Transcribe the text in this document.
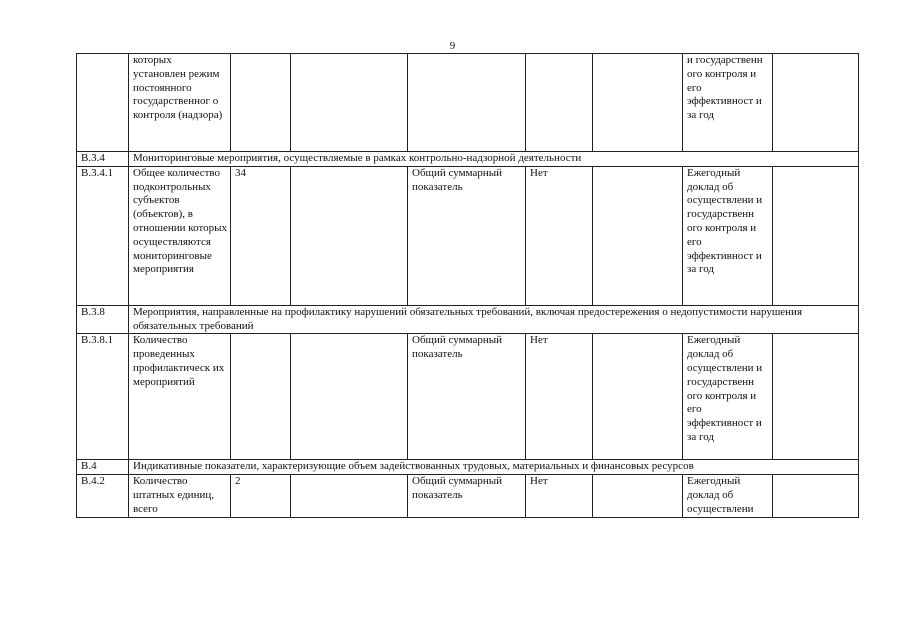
9
	которых установлен режим постоянного государственног о контроля (надзора)						и государственн ого контроля и его эффективност и за год	
B.3.4	Мониторинговые мероприятия, осуществляемые в рамках контрольно-надзорной деятельности							
B.3.4.1	Общее количество подконтрольных субъектов (объектов), в отношении которых осуществляются мониторинговые мероприятия	34		Общий суммарный показатель	Нет		Ежегодный доклад об осуществлени и государственн ого контроля и его эффективност и за год	
B.3.8	Мероприятия, направленные на профилактику нарушений обязательных требований, включая предостережения о недопустимости нарушения обязательных требований							
B.3.8.1	Количество проведенных профилактическ их мероприятий			Общий суммарный показатель	Нет		Ежегодный доклад об осуществлени и государственн ого контроля и его эффективност и за год	
B.4	Индикативные показатели, характеризующие объем задействованных трудовых, материальных и финансовых ресурсов							
B.4.2	Количество штатных единиц, всего	2		Общий суммарный показатель	Нет		Ежегодный доклад об осуществлени	
